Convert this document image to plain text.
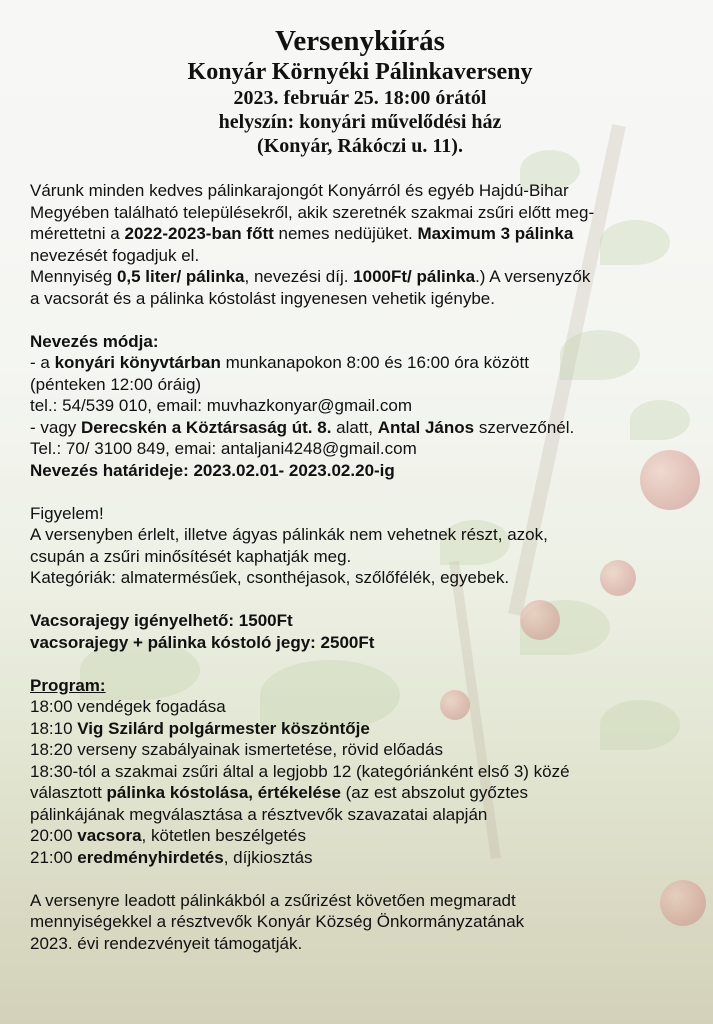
Versenykiírás
Konyár Környéki Pálinkaverseny
2023. február 25. 18:00 órától
helyszín: konyári művelődési ház
(Konyár, Rákóczi u. 11).

Várunk minden kedves pálinkarajongót Konyárról és egyéb Hajdú-Bihar

Megyében található településekről, akik szeretnék szakmai zsűri előtt meg-

mérettetni a 2022-2023-ban főtt nemes nedüjüket. Maximum 3 pálinka

nevezését fogadjuk el.

Mennyiség 0,5 liter/ pálinka, nevezési díj. 1000Ft/ pálinka.) A versenyzők

a vacsorát és a pálinka kóstolást ingyenesen vehetik igénybe.

Nevezés módja:

- a konyári könyvtárban munkanapokon 8:00 és 16:00 óra között

(pénteken 12:00 óráig)

tel.: 54/539 010, email: muvhazkonyar@gmail.com

- vagy Derecskén a Köztársaság út. 8. alatt, Antal János szervezőnél.

Tel.: 70/ 3100 849, emai: antaljani4248@gmail.com

Nevezés határideje: 2023.02.01- 2023.02.20-ig

Figyelem!

A versenyben érlelt, illetve ágyas pálinkák nem vehetnek részt, azok,

csupán a zsűri minősítését kaphatják meg.

Kategóriák: almatermésűek, csonthéjasok, szőlőfélék, egyebek.

Vacsorajegy igényelhető: 1500Ft

vacsorajegy + pálinka kóstoló jegy: 2500Ft

Program:

18:00 vendégek fogadása

18:10 Vig Szilárd polgármester köszöntője

18:20 verseny szabályainak ismertetése, rövid előadás

18:30-tól a szakmai zsűri által a legjobb 12 (kategóriánként első 3) közé

választott pálinka kóstolása, értékelése (az est abszolut győztes

pálinkájának megválasztása a résztvevők szavazatai alapján

20:00 vacsora, kötetlen beszélgetés

21:00 eredményhirdetés, díjkiosztás

A versenyre leadott pálinkákból a zsűrizést követően megmaradt

mennyiségekkel a résztvevők Konyár Község Önkormányzatának

2023. évi rendezvényeit támogatják.
